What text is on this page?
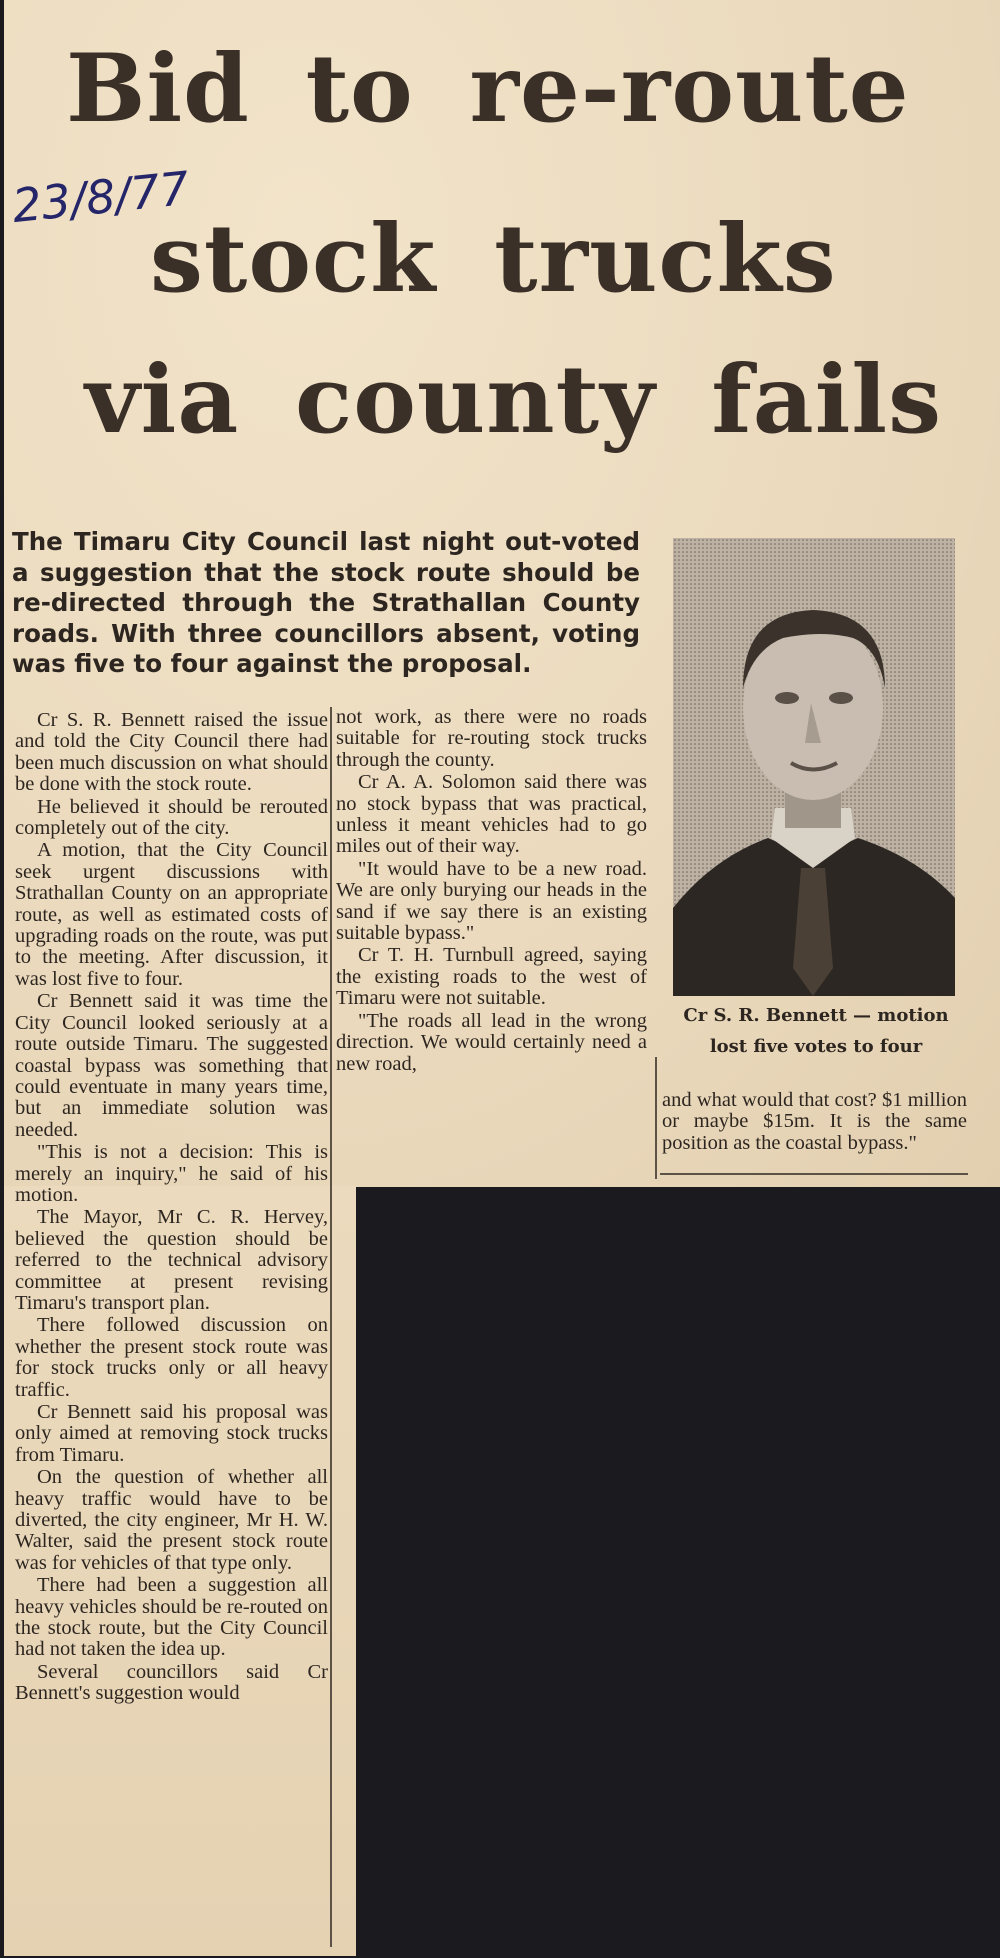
Bid to re-route
23/8/77
stock trucks
via county fails

The Timaru City Council last night out-voted a suggestion that the stock route should be re-directed through the Strathallan County roads. With three councillors absent, voting was five to four against the proposal.

Cr S. R. Bennett raised the issue and told the City Council there had been much discussion on what should be done with the stock route.

He believed it should be rerouted completely out of the city.

A motion, that the City Council seek urgent discussions with Strathallan County on an appropriate route, as well as estimated costs of upgrading roads on the route, was put to the meeting. After discussion, it was lost five to four.

Cr Bennett said it was time the City Council looked seriously at a route outside Timaru. The suggested coastal bypass was something that could eventuate in many years time, but an immediate solution was needed.

"This is not a decision: This is merely an inquiry," he said of his motion.

The Mayor, Mr C. R. Hervey, believed the question should be referred to the technical advisory committee at present revising Timaru's transport plan.

There followed discussion on whether the present stock route was for stock trucks only or all heavy traffic.

Cr Bennett said his proposal was only aimed at removing stock trucks from Timaru.

On the question of whether all heavy traffic would have to be diverted, the city engineer, Mr H. W. Walter, said the present stock route was for vehicles of that type only.

There had been a suggestion all heavy vehicles should be re-routed on the stock route, but the City Council had not taken the idea up.

Several councillors said Cr Bennett's suggestion would

not work, as there were no roads suitable for re-routing stock trucks through the county.

Cr A. A. Solomon said there was no stock bypass that was practical, unless it meant vehicles had to go miles out of their way.

"It would have to be a new road. We are only burying our heads in the sand if we say there is an existing suitable bypass."

Cr T. H. Turnbull agreed, saying the existing roads to the west of Timaru were not suitable.

"The roads all lead in the wrong direction. We would certainly need a new road,

Cr S. R. Bennett — motion lost five votes to four

and what would that cost? $1 million or maybe $15m. It is the same position as the coastal bypass."
